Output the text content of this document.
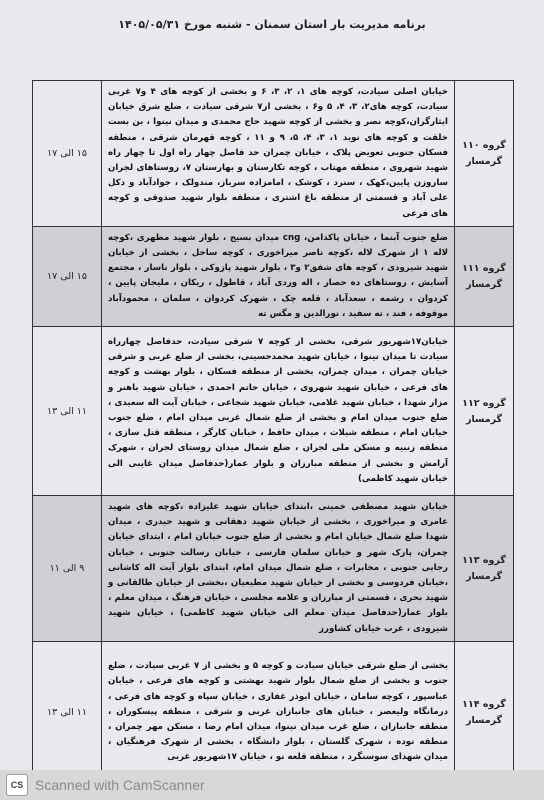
برنامه مدیریت بار استان سمنان - شنبه مورخ ۱۴۰۵/۰۵/۳۱
گروه ۱۱۰
گرمسار	خیابان اصلی سیادت، کوچه های ۱، ۲، ۳، ۶ و بخشی از کوچه های ۴ و۷ غربی سیادت، کوچه های۲، ۳، ۴، ۵ و۶ ، بخشی از۷ شرقی سیادت ، ضلع شرق خیابان ایثارگران،کوچه نصر و بخشی از کوچه شهید حاج محمدی و میدان نینوا ، بن بست خلقت و کوچه های نوید ۱، ۳، ۴، ۵، ۹ و ۱۱ ، کوچه قهرمان شرقی ، منطقه فسکان جنوبی تعویض پلاک ، خیابان چمران حد فاصل چهار راه اول تا چهار راه شهید شهروی ، منطقه مهتاب ، کوچه تکارستان و بهارستان ۷، روستاهای لجران ساروزن پایین،کهک ، سنرد ، کوشک ، امامزاده سرباز، مندولک ، جوادآباد و دکل علی آباد و قسمتی از منطقه باغ اشتری ، منطقه بلوار شهید صدوقی و کوچه های فرعی	۱۵ الی ۱۷

گروه ۱۱۱
گرمسار	ضلع جنوب آبنما ، خیابان پاکدامن، cng میدان بسیج ، بلوار شهید مطهری ،کوچه لاله ۱ از شهرک لاله ،کوچه ناصر میراخوری ، کوچه ساحل ، بخشی از خیابان شهید شیرودی ، کوچه های شفق۲ و۳ ، بلوار شهید پازوکی ، بلوار ناسار ، مجتمع آسایش ، روستاهای ده حصار ، اله وردی آباد ، قاطول ، ریکان ، ملیجان پایین ، کردوان ، رشمه ، سعدآباد ، قلعه چک ، شهرک کردوان ، سلمان ، محمودآباد موقوفه ، فند ، ته سفید ، نورالدین و مگس ته	۱۵ الی ۱۷

گروه ۱۱۲
گرمسار	خیابان۱۷شهریور شرقی، بخشی از کوچه ۷ شرقی سیادت، حدفاصل چهارراه سیادت تا میدان نینوا ، خیابان شهید محمدحسینی، بخشی از ضلع غربی و شرقی خیابان چمران ، میدان چمران، بخشی از منطقه فسکان ، بلوار بهشت و کوچه های فرعی ، خیابان شهید شهروی ، خیابان حاتم احمدی ، خیابان شهید باهنر و مزار شهدا ، خیابان شهید غلامی، خیابان شهید شجاعی ، خیابان آیت اله سعیدی ، ضلع جنوب میدان امام و بخشی از ضلع شمال غربی میدان امام ، ضلع جنوب خیابان امام ، منطقه شیلات ، میدان حافظ ، خیابان کارگر ، منطقه قتل سازی ، منطقه زنبیه و مسکن ملی لجران ، ضلع شمال میدان روستای لجران ، شهرک آرامش و بخشی از منطقه مبارزان و بلوار عمار(حدفاصل میدان غایبی الی خیابان شهید کاظمی)	۱۱ الی ۱۳

گروه ۱۱۳
گرمسار	خیابان شهید مصطفی خمینی ،ابتدای خیابان شهید علیزاده ،کوچه های شهید عامری و میراخوری ، بخشی از خیابان شهید دهقانی و شهید حیدری ، میدان شهدا ضلع شمال خیابان امام و بخشی از ضلع جنوب خیابان امام ، ابتدای خیابان چمران، پارک شهر و خیابان سلمان فارسی ، خیابان رسالت جنوبی ، خیابان رجایی جنوبی ، مخابرات ، ضلع شمال میدان امام، ابتدای بلوار آیت اله کاشانی ،خیابان فردوسی و بخشی از خیابان شهید مطیعیان ،بخشی از خیابان طالقانی و شهید بحری ، قسمتی از مبارزان و علامه مجلسی ، خیابان فرهنگ ، میدان معلم ، بلوار عمار(حدفاصل میدان معلم الی خیابان شهید کاظمی) ، خیابان شهید شیرودی ، غرب خیابان کشاورز	۹ الی ۱۱

گروه ۱۱۴
گرمسار	بخشی از ضلع شرقی خیابان سیادت و کوچه ۵ و بخشی از ۷ غربی سیادت ، ضلع جنوب و بخشی از ضلع شمال بلوار شهید بهشتی و کوچه های فرعی ، خیابان عباسپور ، کوچه سامان ، خیابان ابوذر غفاری ، خیابان سپاه و کوچه های فرعی ، درمانگاه ولیعصر ، خیابان های جانبازان غربی و شرقی ، منطقه پیسکوران ، منطقه جانبازان ، ضلع غرب میدان نینوا، میدان امام رضا ، مسکن مهر چمران ، منطقه نوده ، شهرک گلستان ، بلوار دانشگاه ، بخشی از شهرک فرهنگیان ، میدان شهدای سوسنگرد ، منطقه قلعه نو ، خیابان ۱۷شهریور غربی	۱۱ الی ۱۳
CS Scanned with CamScanner
